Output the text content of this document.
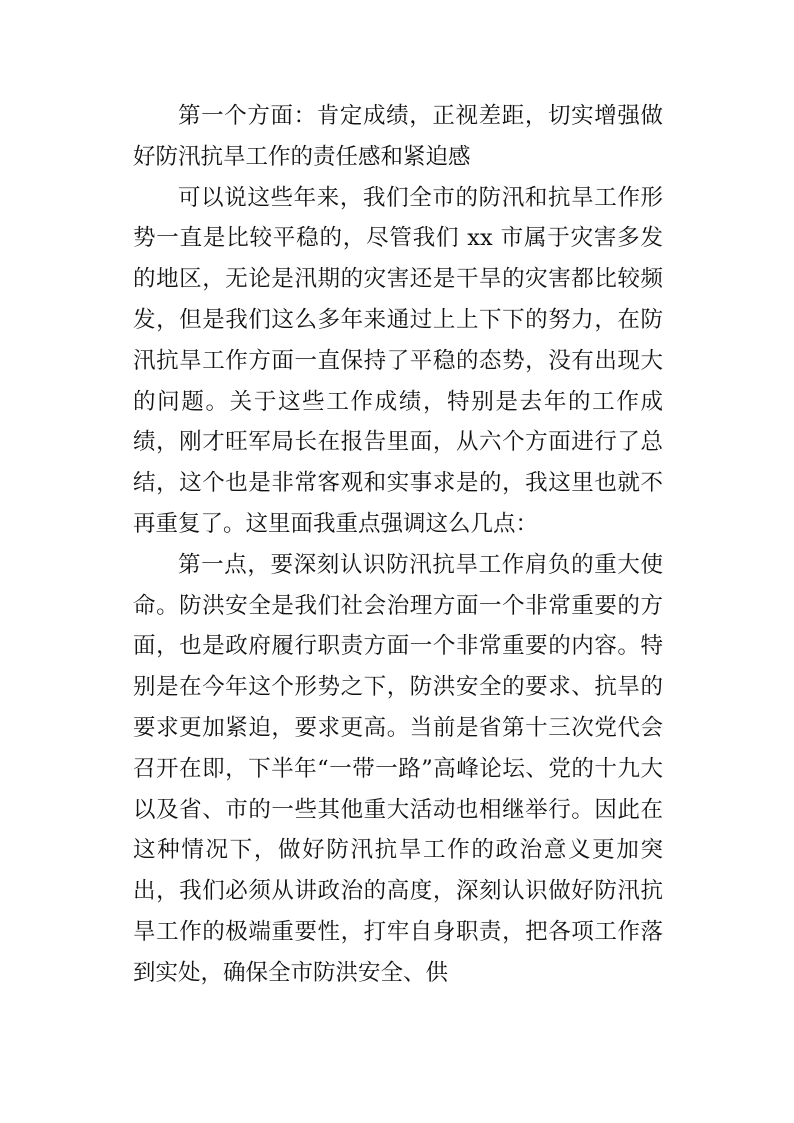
第一个方面：肯定成绩，正视差距，切实增强做好防汛抗旱工作的责任感和紧迫感

可以说这些年来，我们全市的防汛和抗旱工作形势一直是比较平稳的，尽管我们 xx 市属于灾害多发的地区，无论是汛期的灾害还是干旱的灾害都比较频发，但是我们这么多年来通过上上下下的努力，在防汛抗旱工作方面一直保持了平稳的态势，没有出现大的问题。关于这些工作成绩，特别是去年的工作成绩，刚才旺军局长在报告里面，从六个方面进行了总结，这个也是非常客观和实事求是的，我这里也就不再重复了。这里面我重点强调这么几点：

第一点，要深刻认识防汛抗旱工作肩负的重大使命。防洪安全是我们社会治理方面一个非常重要的方面，也是政府履行职责方面一个非常重要的内容。特别是在今年这个形势之下，防洪安全的要求、抗旱的要求更加紧迫，要求更高。当前是省第十三次党代会召开在即，下半年“一带一路”高峰论坛、党的十九大以及省、市的一些其他重大活动也相继举行。因此在这种情况下，做好防汛抗旱工作的政治意义更加突出，我们必须从讲政治的高度，深刻认识做好防汛抗旱工作的极端重要性，打牢自身职责，把各项工作落到实处，确保全市防洪安全、供
